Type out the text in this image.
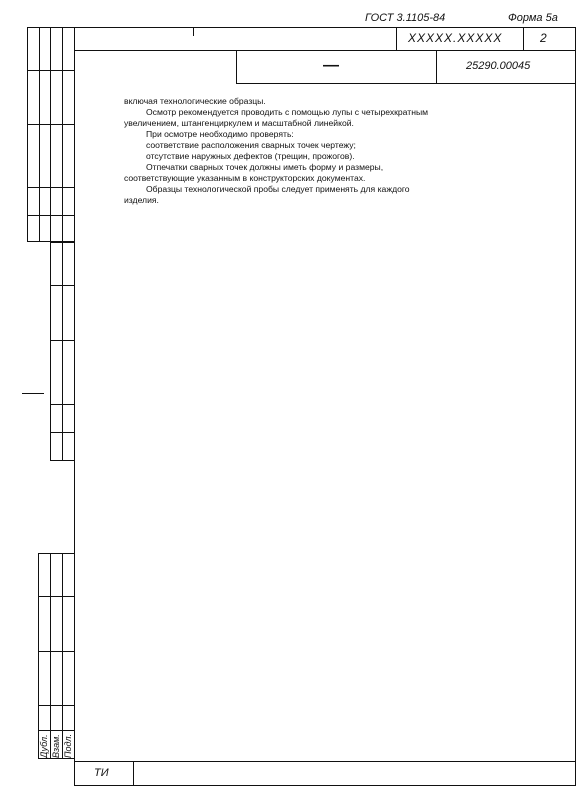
ГОСТ 3.1105-84	Форма 5а
XXXXX.XXXXX	2
—	25290.00045

включая технологические образцы.

Осмотр рекомендуется проводить с помощью лупы с четырехкратным

увеличением, штангенциркулем и масштабной линейкой.

При осмотре необходимо проверять:

соответствие расположения сварных точек чертежу;

отсутствие наружных дефектов (трещин, прожогов).

Отпечатки сварных точек должны иметь форму и размеры,

соответствующие указанным в конструкторских документах.

Образцы технологической пробы следует применять для каждого

изделия.

Дубл. Взам. Подл.
ТИ
